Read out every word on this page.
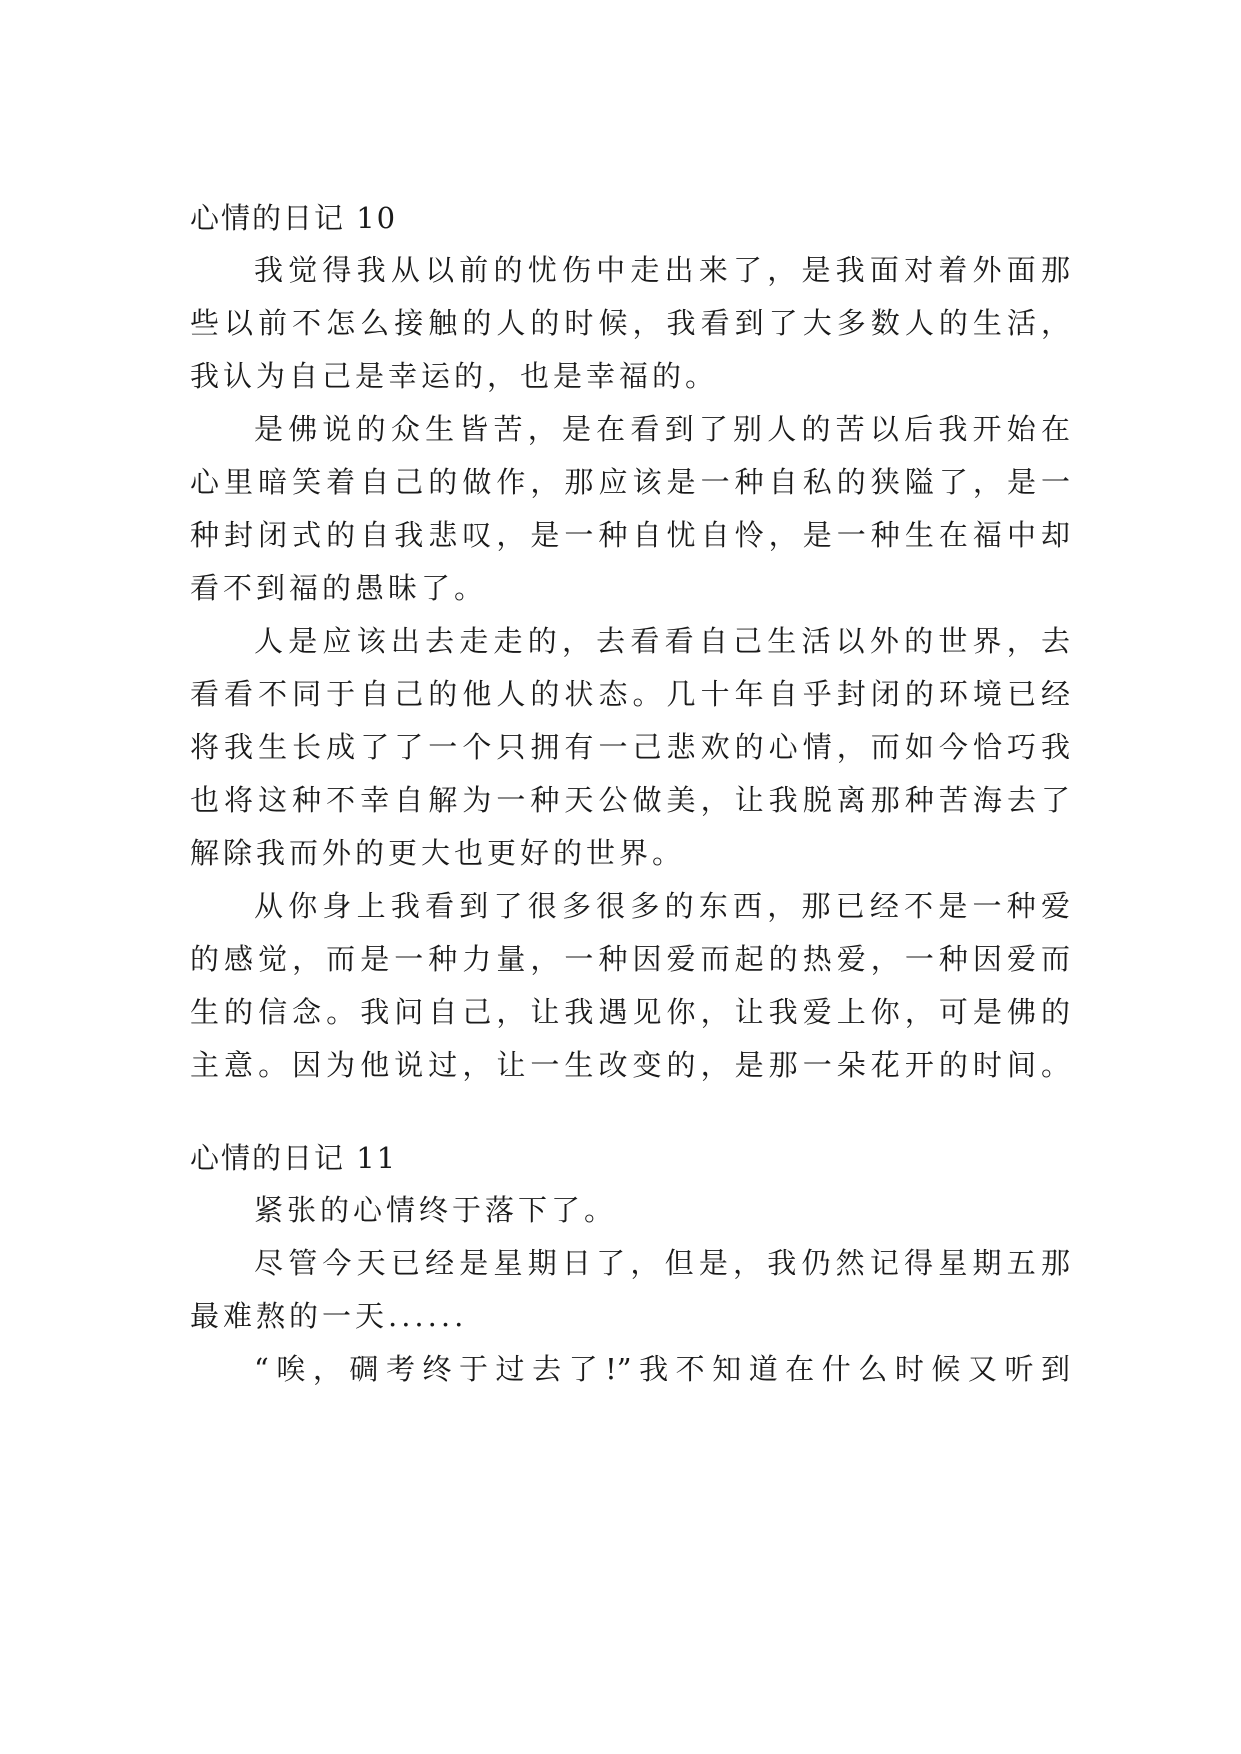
心情的日记 10
我觉得我从以前的忧伤中走出来了，是我面对着外面那
些以前不怎么接触的人的时候，我看到了大多数人的生活，
我认为自己是幸运的，也是幸福的。
是佛说的众生皆苦，是在看到了别人的苦以后我开始在
心里暗笑着自己的做作，那应该是一种自私的狭隘了，是一
种封闭式的自我悲叹，是一种自忧自怜，是一种生在福中却
看不到福的愚昧了。
人是应该出去走走的，去看看自己生活以外的世界，去
看看不同于自己的他人的状态。几十年自乎封闭的环境已经
将我生长成了了一个只拥有一己悲欢的心情，而如今恰巧我
也将这种不幸自解为一种天公做美，让我脱离那种苦海去了
解除我而外的更大也更好的世界。
从你身上我看到了很多很多的东西，那已经不是一种爱
的感觉，而是一种力量，一种因爱而起的热爱，一种因爱而
生的信念。我问自己，让我遇见你，让我爱上你，可是佛的
主意。因为他说过，让一生改变的，是那一朵花开的时间。
心情的日记 11
紧张的心情终于落下了。
尽管今天已经是星期日了，但是，我仍然记得星期五那
最难熬的一天......
“唉，碉考终于过去了!”我不知道在什么时候又听到
